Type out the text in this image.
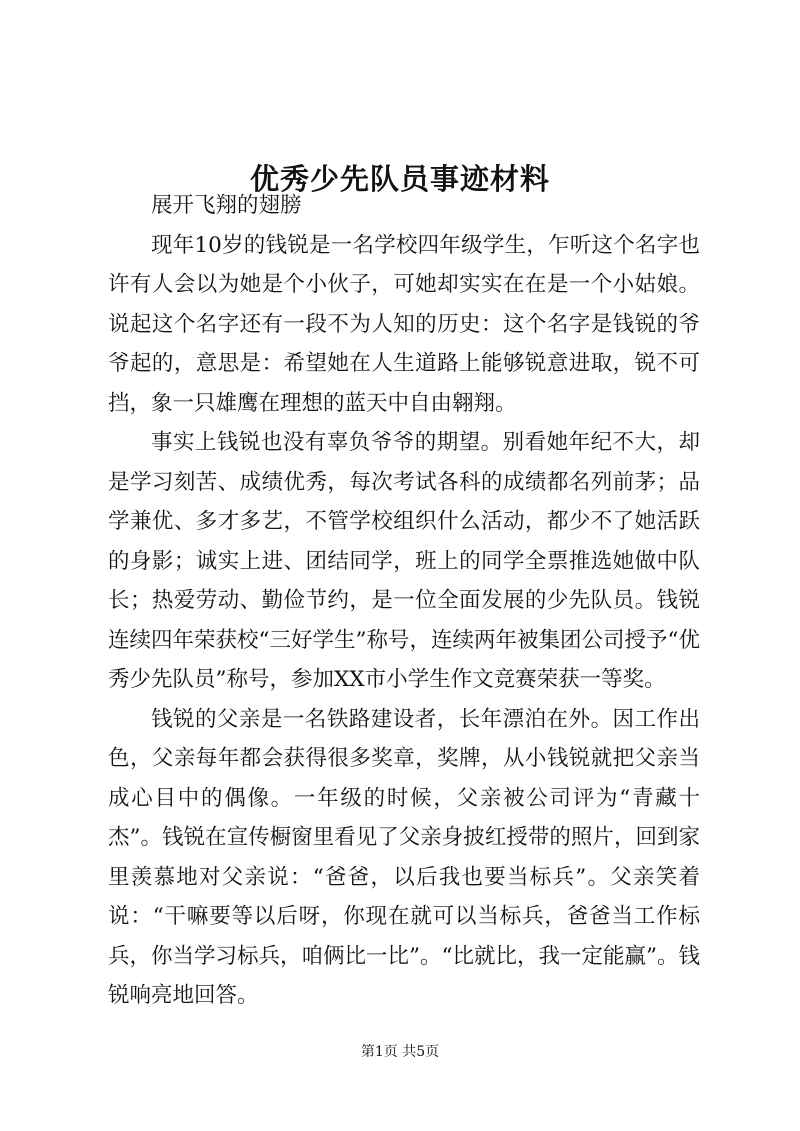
优秀少先队员事迹材料

展开飞翔的翅膀

现年10岁的钱锐是一名学校四年级学生，乍听这个名字也许有人会以为她是个小伙子，可她却实实在在是一个小姑娘。说起这个名字还有一段不为人知的历史：这个名字是钱锐的爷爷起的，意思是：希望她在人生道路上能够锐意进取，锐不可挡，象一只雄鹰在理想的蓝天中自由翱翔。

事实上钱锐也没有辜负爷爷的期望。别看她年纪不大，却是学习刻苦、成绩优秀，每次考试各科的成绩都名列前茅；品学兼优、多才多艺，不管学校组织什么活动，都少不了她活跃的身影；诚实上进、团结同学，班上的同学全票推选她做中队长；热爱劳动、勤俭节约，是一位全面发展的少先队员。钱锐连续四年荣获校“三好学生”称号，连续两年被集团公司授予“优秀少先队员”称号，参加XX市小学生作文竞赛荣获一等奖。

钱锐的父亲是一名铁路建设者，长年漂泊在外。因工作出色，父亲每年都会获得很多奖章，奖牌，从小钱锐就把父亲当成心目中的偶像。一年级的时候，父亲被公司评为“青藏十杰”。钱锐在宣传橱窗里看见了父亲身披红授带的照片，回到家里羡慕地对父亲说：“爸爸，以后我也要当标兵”。父亲笑着说：“干嘛要等以后呀，你现在就可以当标兵，爸爸当工作标兵，你当学习标兵，咱俩比一比”。“比就比，我一定能赢”。钱锐响亮地回答。

第1页 共5页
